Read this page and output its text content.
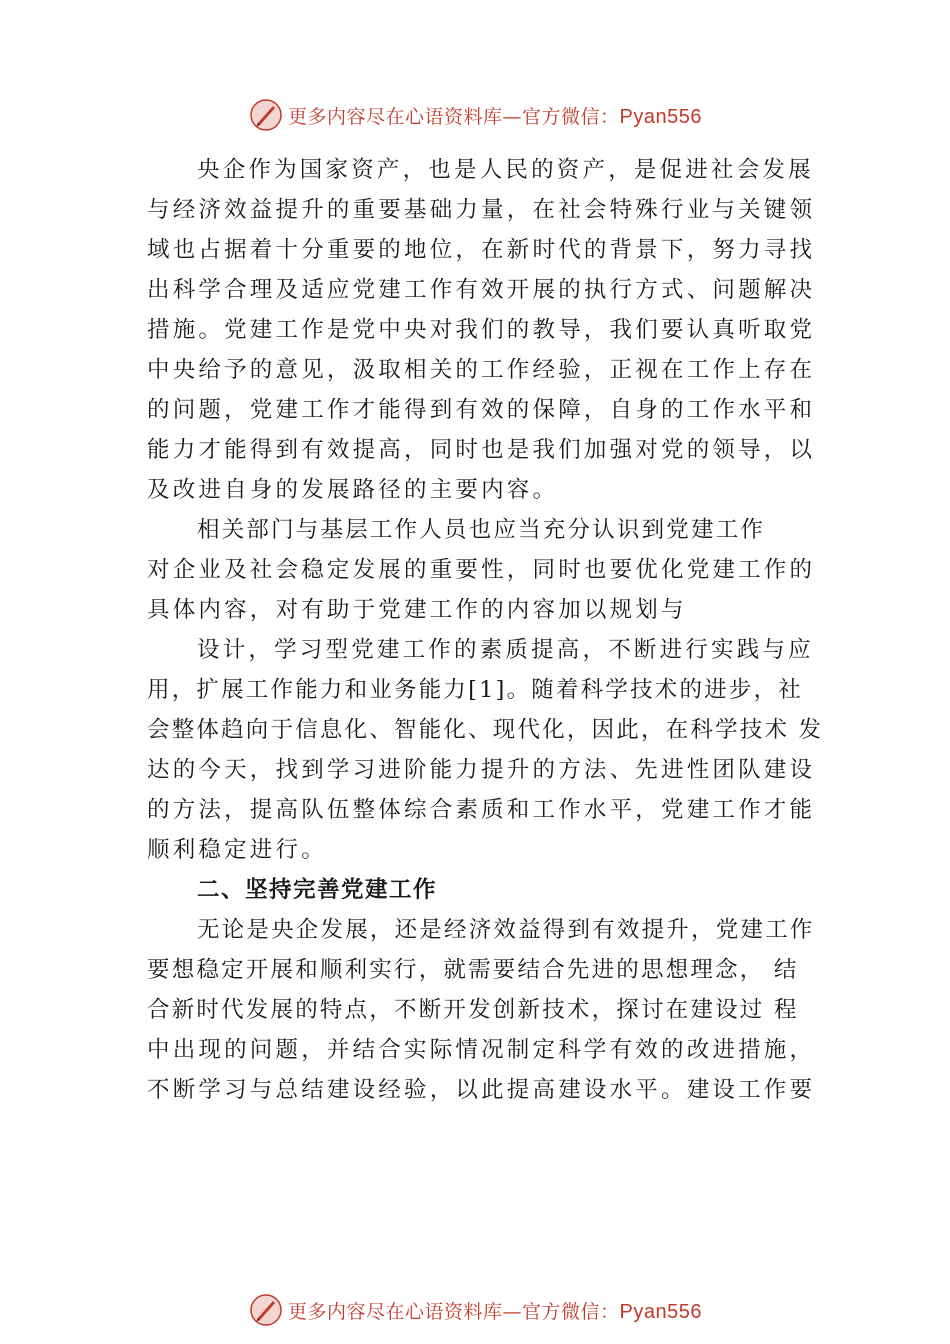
更多内容尽在心语资料库—官方微信：Pyan556
央企作为国家资产，也是人民的资产，是促进社会发展
与经济效益提升的重要基础力量，在社会特殊行业与关键领
域也占据着十分重要的地位，在新时代的背景下，努力寻找
出科学合理及适应党建工作有效开展的执行方式、问题解决
措施。党建工作是党中央对我们的教导，我们要认真听取党
中央给予的意见，汲取相关的工作经验，正视在工作上存在
的问题，党建工作才能得到有效的保障，自身的工作水平和
能力才能得到有效提高，同时也是我们加强对党的领导，以
及改进自身的发展路径的主要内容。
相关部门与基层工作人员也应当充分认识到党建工作
对企业及社会稳定发展的重要性，同时也要优化党建工作的
具体内容，对有助于党建工作的内容加以规划与
设计，学习型党建工作的素质提高，不断进行实践与应
用，扩展工作能力和业务能力[1]。随着科学技术的进步，社
会整体趋向于信息化、智能化、现代化，因此，在科学技术 发
达的今天，找到学习进阶能力提升的方法、先进性团队建设
的方法，提高队伍整体综合素质和工作水平，党建工作才能
顺利稳定进行。
二、坚持完善党建工作
无论是央企发展，还是经济效益得到有效提升，党建工作
要想稳定开展和顺利实行，就需要结合先进的思想理念， 结
合新时代发展的特点，不断开发创新技术，探讨在建设过 程
中出现的问题，并结合实际情况制定科学有效的改进措施，
不断学习与总结建设经验，以此提高建设水平。建设工作要
更多内容尽在心语资料库—官方微信：Pyan556
